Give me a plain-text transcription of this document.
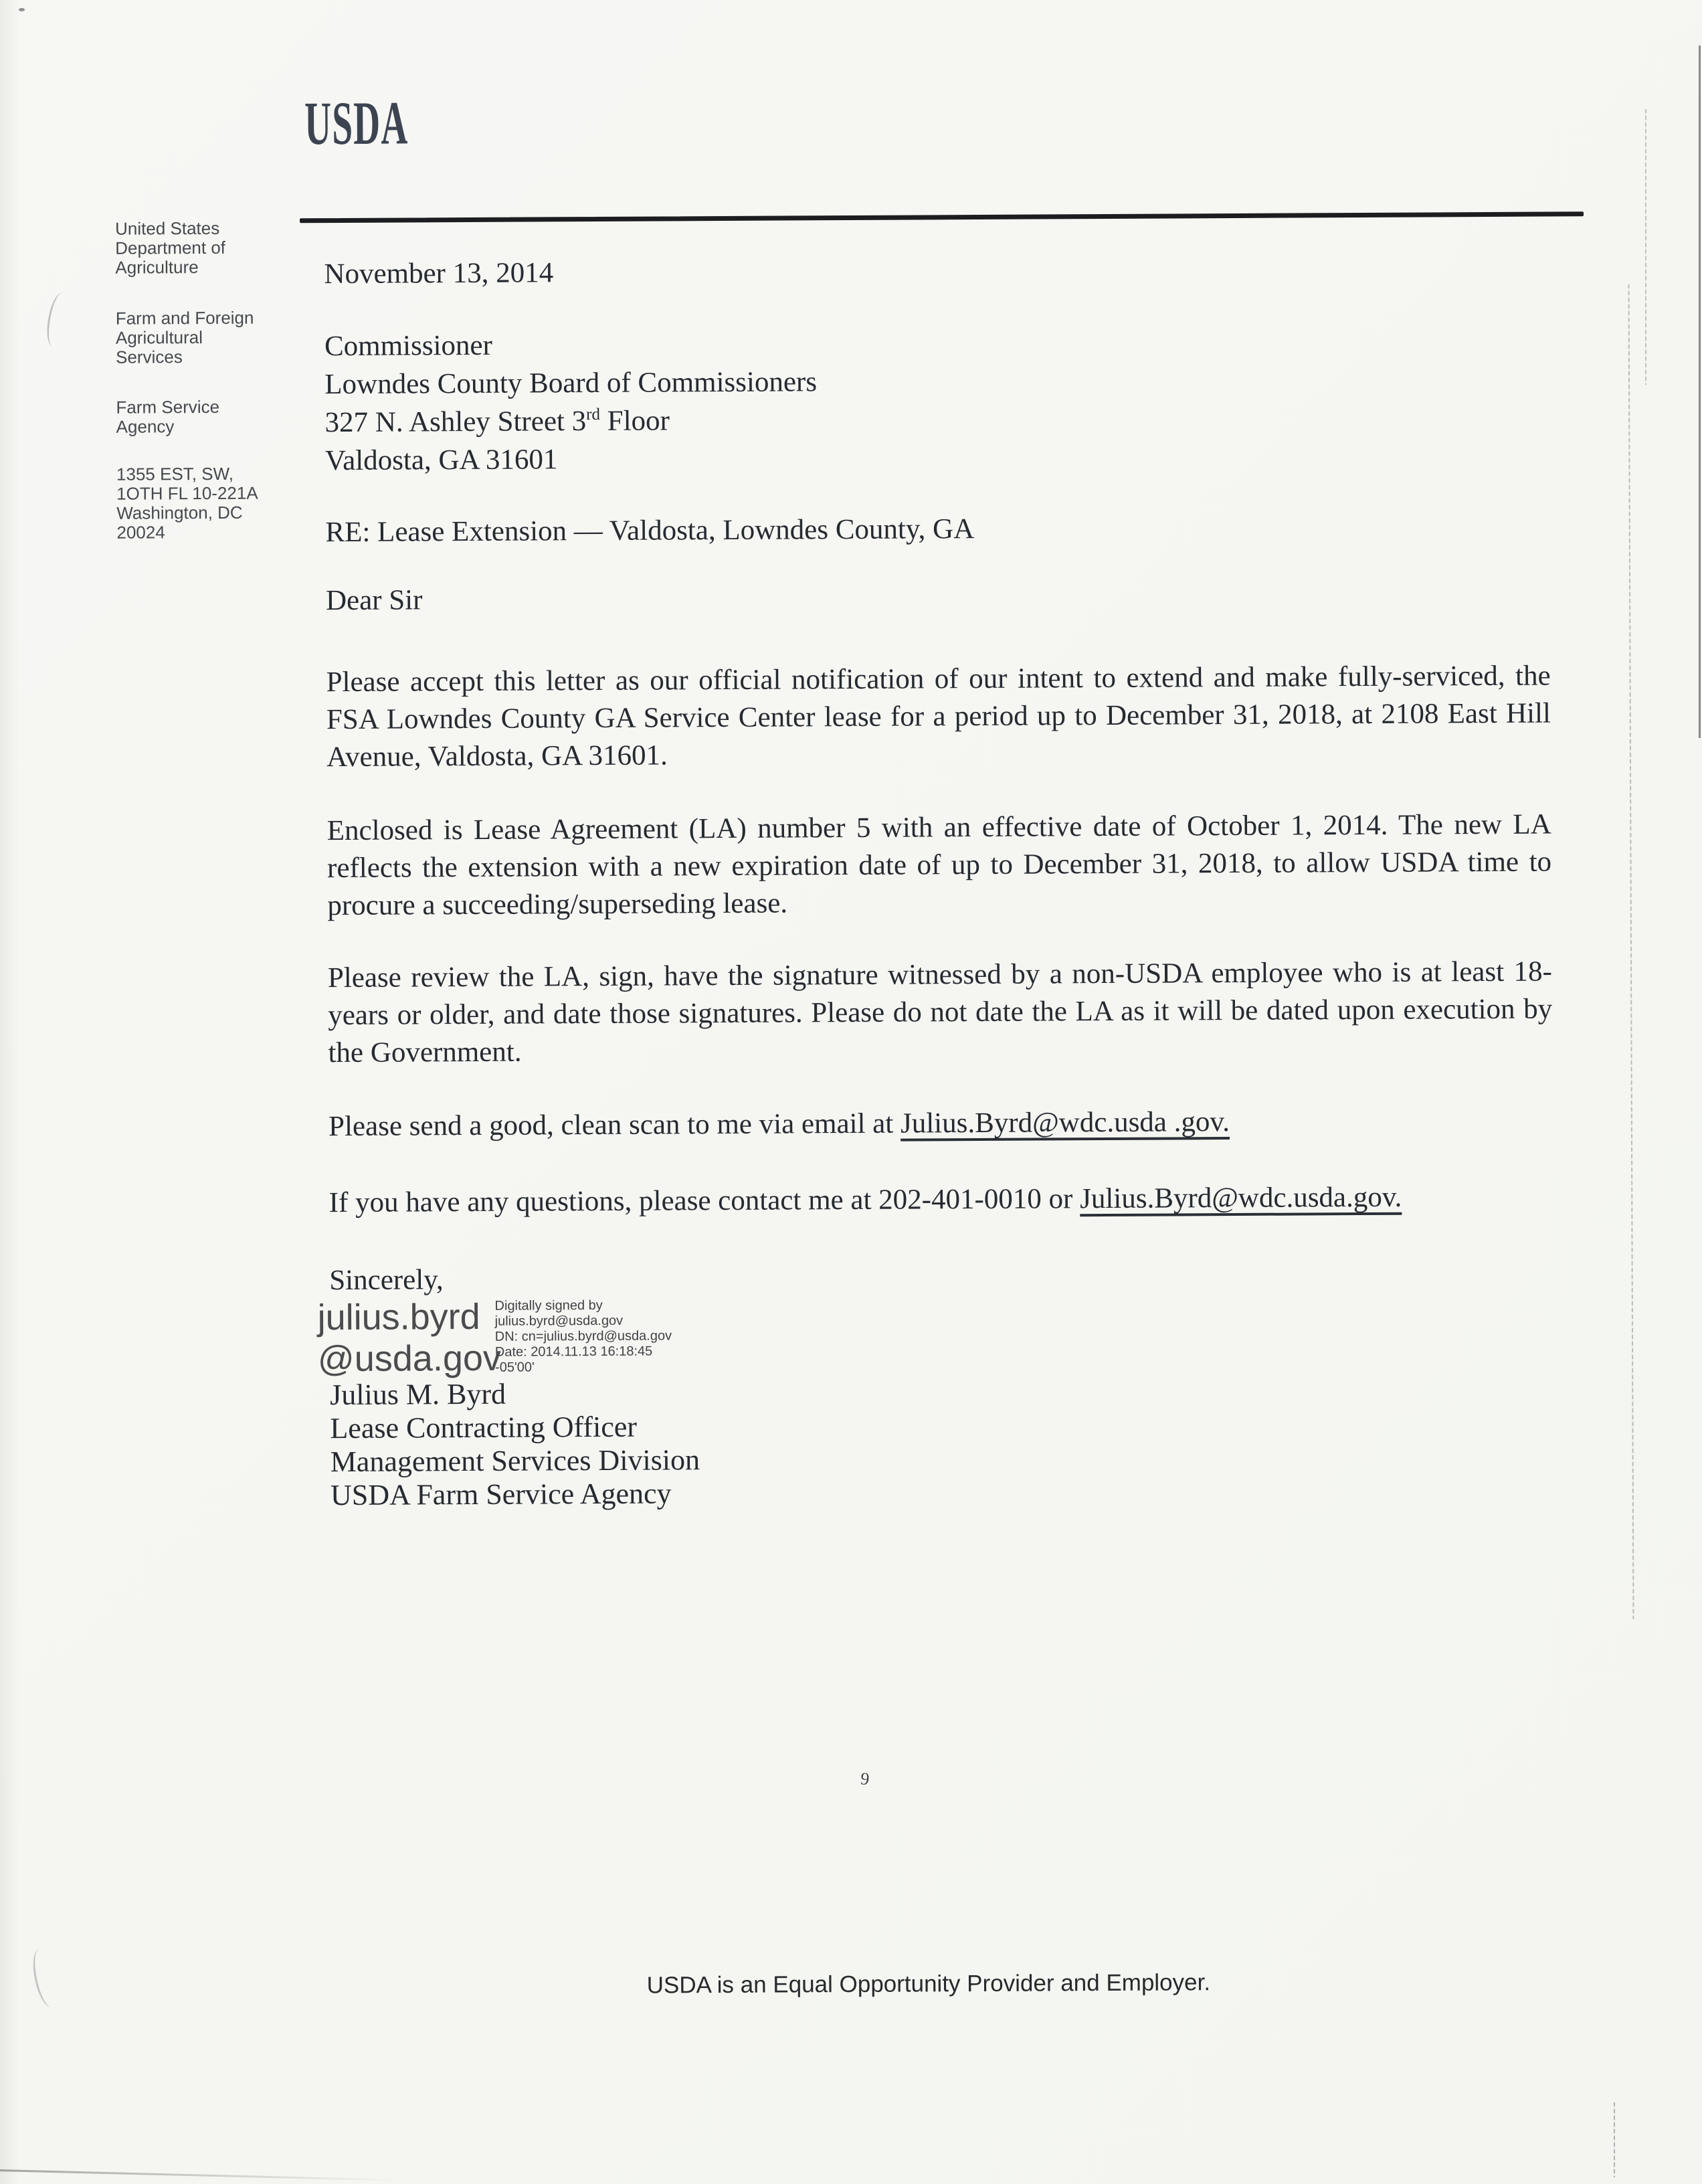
USDA
United States
Department of
Agriculture
Farm and Foreign
Agricultural
Services
Farm Service
Agency
1355 EST, SW,
1OTH FL 10-221A
Washington, DC
20024
November 13, 2014
Commissioner
Lowndes County Board of Commissioners
327 N. Ashley Street 3rd Floor
Valdosta, GA 31601
RE: Lease Extension — Valdosta, Lowndes County, GA
Dear Sir
Please accept this letter as our official notification of our intent to extend and make fully-serviced, the FSA Lowndes County GA Service Center lease for a period up to December 31, 2018, at 2108 East Hill Avenue, Valdosta, GA 31601.
Enclosed is Lease Agreement (LA) number 5 with an effective date of October 1, 2014. The new LA reflects the extension with a new expiration date of up to December 31, 2018, to allow USDA time to procure a succeeding/superseding lease.
Please review the LA, sign, have the signature witnessed by a non-USDA employee who is at least 18-years or older, and date those signatures. Please do not date the LA as it will be dated upon execution by the Government.
Please send a good, clean scan to me via email at Julius.Byrd@wdc.usda .gov.
If you have any questions, please contact me at 202-401-0010 or Julius.Byrd@wdc.usda.gov.
Sincerely,
julius.byrd
@usda.gov
Digitally signed by
julius.byrd@usda.gov
DN: cn=julius.byrd@usda.gov
Date: 2014.11.13 16:18:45
-05'00'
Julius M. Byrd
Lease Contracting Officer
Management Services Division
USDA Farm Service Agency
9
USDA is an Equal Opportunity Provider and Employer.
